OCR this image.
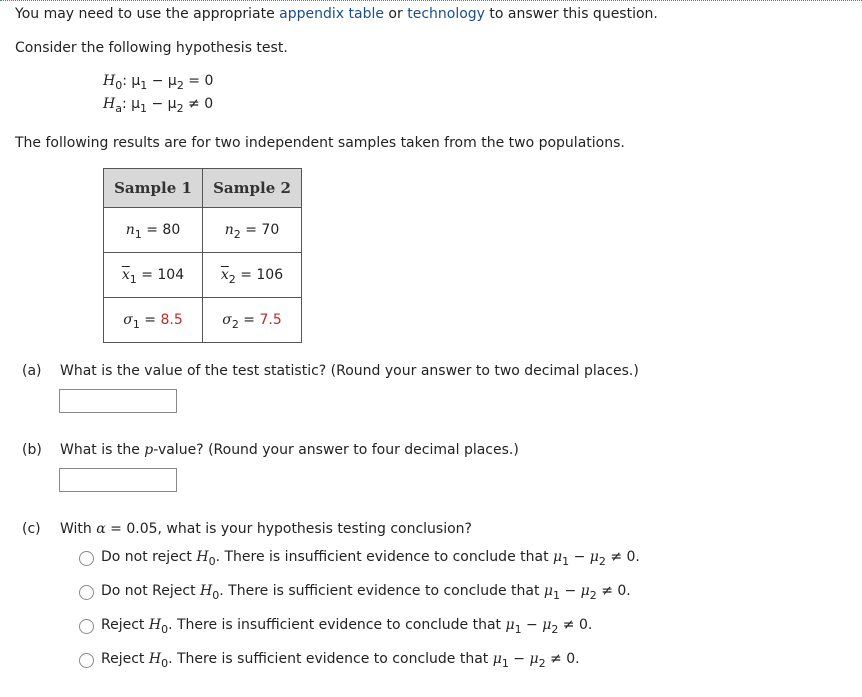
You may need to use the appropriate appendix table or technology to answer this question.
Consider the following hypothesis test.
$H_0$: $\mu_1 - \mu_2 = 0$
$H_a$: $\mu_1 - \mu_2 \ne 0$
The following results are for two independent samples taken from the two populations.
Sample 1	Sample 2
$n_1 = 80$	$n_2 = 70$
$\overline{x}_1 = 104$	$\overline{x}_2 = 106$
$\sigma_1 = 8.5$	$\sigma_2 = 7.5$
(a) What is the value of the test statistic? (Round your answer to two decimal places.)
(b) What is the p-value? (Round your answer to four decimal places.)
(c) With α = 0.05, what is your hypothesis testing conclusion?
Do not reject $H_0$. There is insufficient evidence to conclude that $\mu_1 - \mu_2 \ne 0$.
Do not Reject $H_0$. There is sufficient evidence to conclude that $\mu_1 - \mu_2 \ne 0$.
Reject $H_0$. There is insufficient evidence to conclude that $\mu_1 - \mu_2 \ne 0$.
Reject $H_0$. There is sufficient evidence to conclude that $\mu_1 - \mu_2 \ne 0$.
